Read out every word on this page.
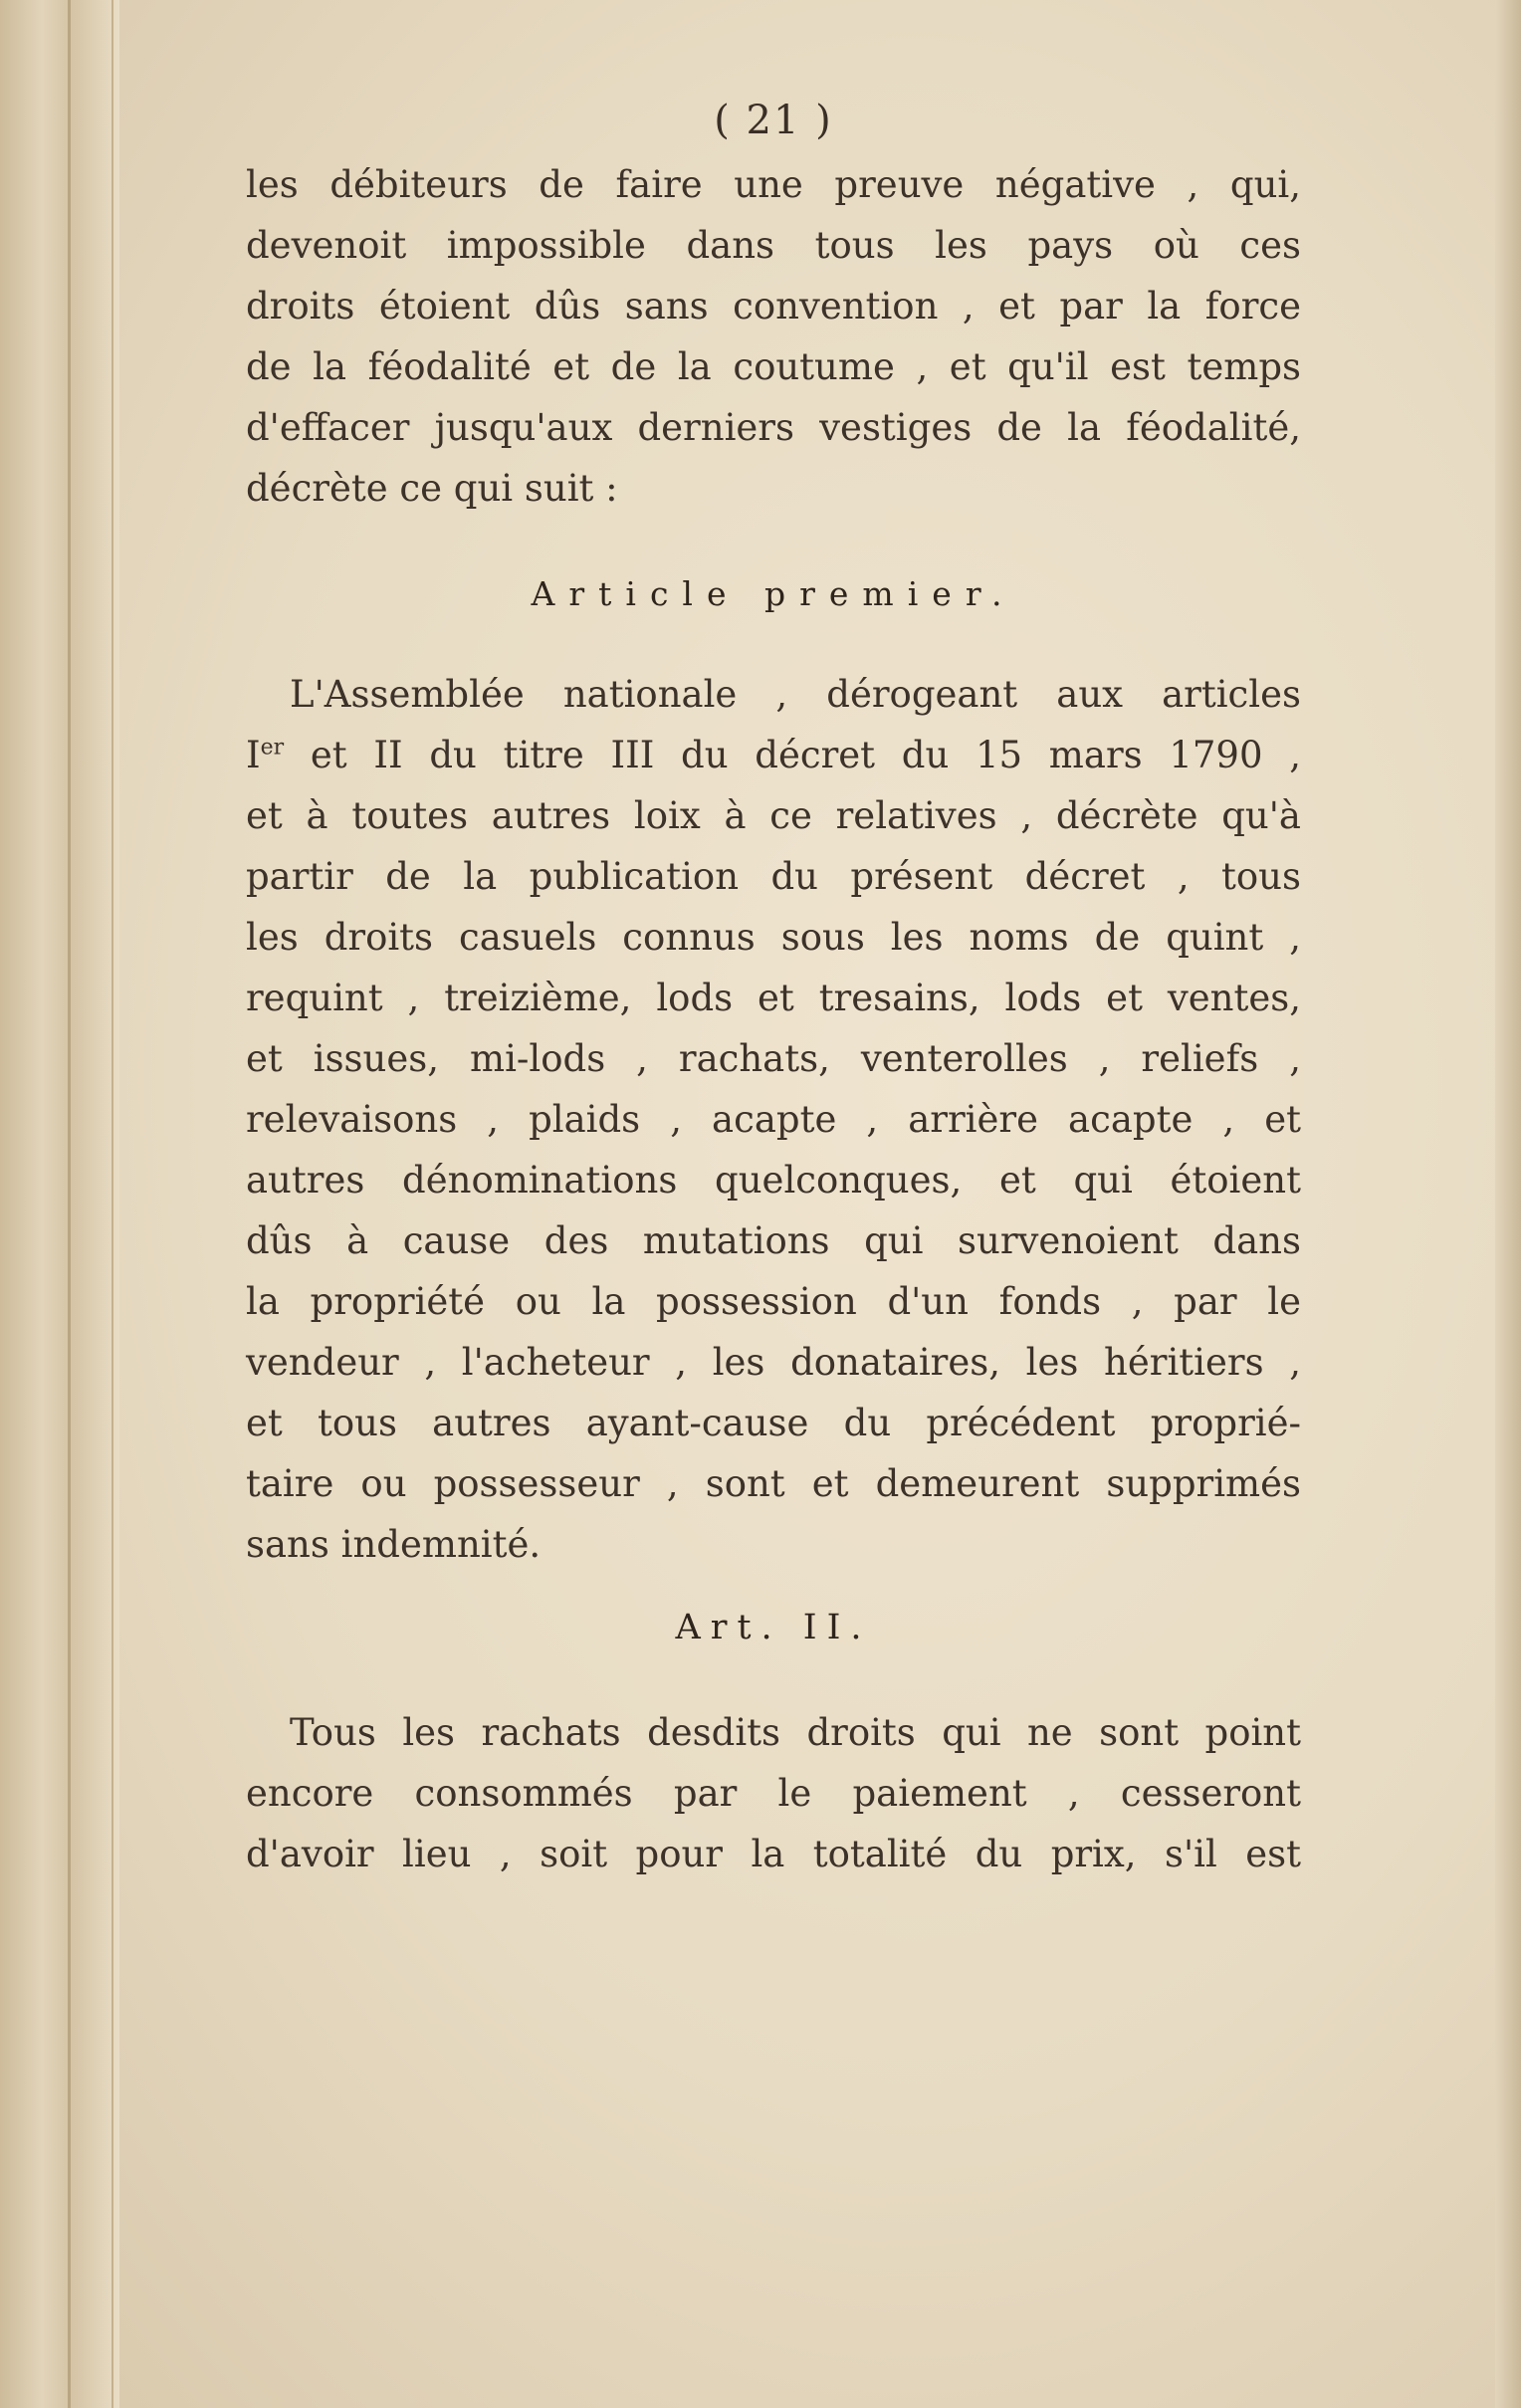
( 21 )
les débiteurs de faire une preuve négative , qui,
devenoit impossible dans tous les pays où ces
droits étoient dûs sans convention , et par la force
de la féodalité et de la coutume , et qu'il est temps
d'effacer jusqu'aux derniers vestiges de la féodalité,
décrète ce qui suit :
Article premier.
L'Assemblée nationale , dérogeant aux articles
Ier et II du titre III du décret du 15 mars 1790 ,
et à toutes autres loix à ce relatives , décrète qu'à
partir de la publication du présent décret , tous
les droits casuels connus sous les noms de quint ,
requint , treizième, lods et tresains, lods et ventes,
et issues, mi-lods , rachats, venterolles , reliefs ,
relevaisons , plaids , acapte , arrière acapte , et
autres dénominations quelconques, et qui étoient
dûs à cause des mutations qui survenoient dans
la propriété ou la possession d'un fonds , par le
vendeur , l'acheteur , les donataires, les héritiers ,
et tous autres ayant-cause du précédent proprié-
taire ou possesseur , sont et demeurent supprimés
sans indemnité.
Art. II.
Tous les rachats desdits droits qui ne sont point
encore consommés par le paiement , cesseront
d'avoir lieu , soit pour la totalité du prix, s'il est
